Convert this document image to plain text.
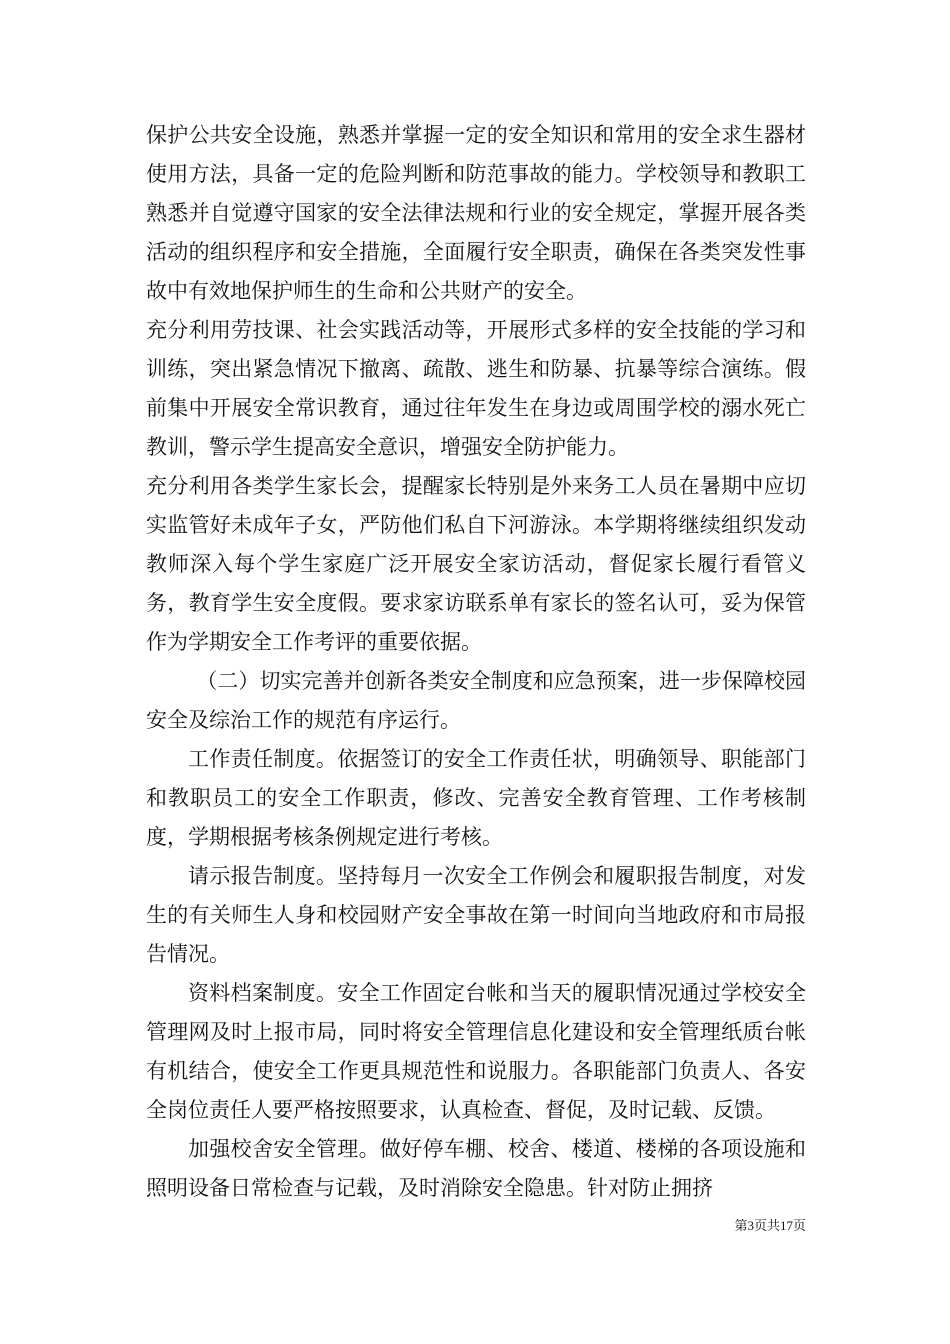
保护公共安全设施，熟悉并掌握一定的安全知识和常用的安全求生器材使用方法，具备一定的危险判断和防范事故的能力。学校领导和教职工熟悉并自觉遵守国家的安全法律法规和行业的安全规定，掌握开展各类活动的组织程序和安全措施，全面履行安全职责，确保在各类突发性事故中有效地保护师生的生命和公共财产的安全。

充分利用劳技课、社会实践活动等，开展形式多样的安全技能的学习和训练，突出紧急情况下撤离、疏散、逃生和防暴、抗暴等综合演练。假前集中开展安全常识教育，通过往年发生在身边或周围学校的溺水死亡教训，警示学生提高安全意识，增强安全防护能力。

充分利用各类学生家长会，提醒家长特别是外来务工人员在暑期中应切实监管好未成年子女，严防他们私自下河游泳。本学期将继续组织发动教师深入每个学生家庭广泛开展安全家访活动，督促家长履行看管义务，教育学生安全度假。要求家访联系单有家长的签名认可，妥为保管作为学期安全工作考评的重要依据。

（二）切实完善并创新各类安全制度和应急预案，进一步保障校园安全及综治工作的规范有序运行。

工作责任制度。依据签订的安全工作责任状，明确领导、职能部门和教职员工的安全工作职责，修改、完善安全教育管理、工作考核制度，学期根据考核条例规定进行考核。

请示报告制度。坚持每月一次安全工作例会和履职报告制度，对发生的有关师生人身和校园财产安全事故在第一时间向当地政府和市局报告情况。

资料档案制度。安全工作固定台帐和当天的履职情况通过学校安全管理网及时上报市局，同时将安全管理信息化建设和安全管理纸质台帐有机结合，使安全工作更具规范性和说服力。各职能部门负责人、各安全岗位责任人要严格按照要求，认真检查、督促，及时记载、反馈。

加强校舍安全管理。做好停车棚、校舍、楼道、楼梯的各项设施和照明设备日常检查与记载，及时消除安全隐患。针对防止拥挤

第3页共17页
